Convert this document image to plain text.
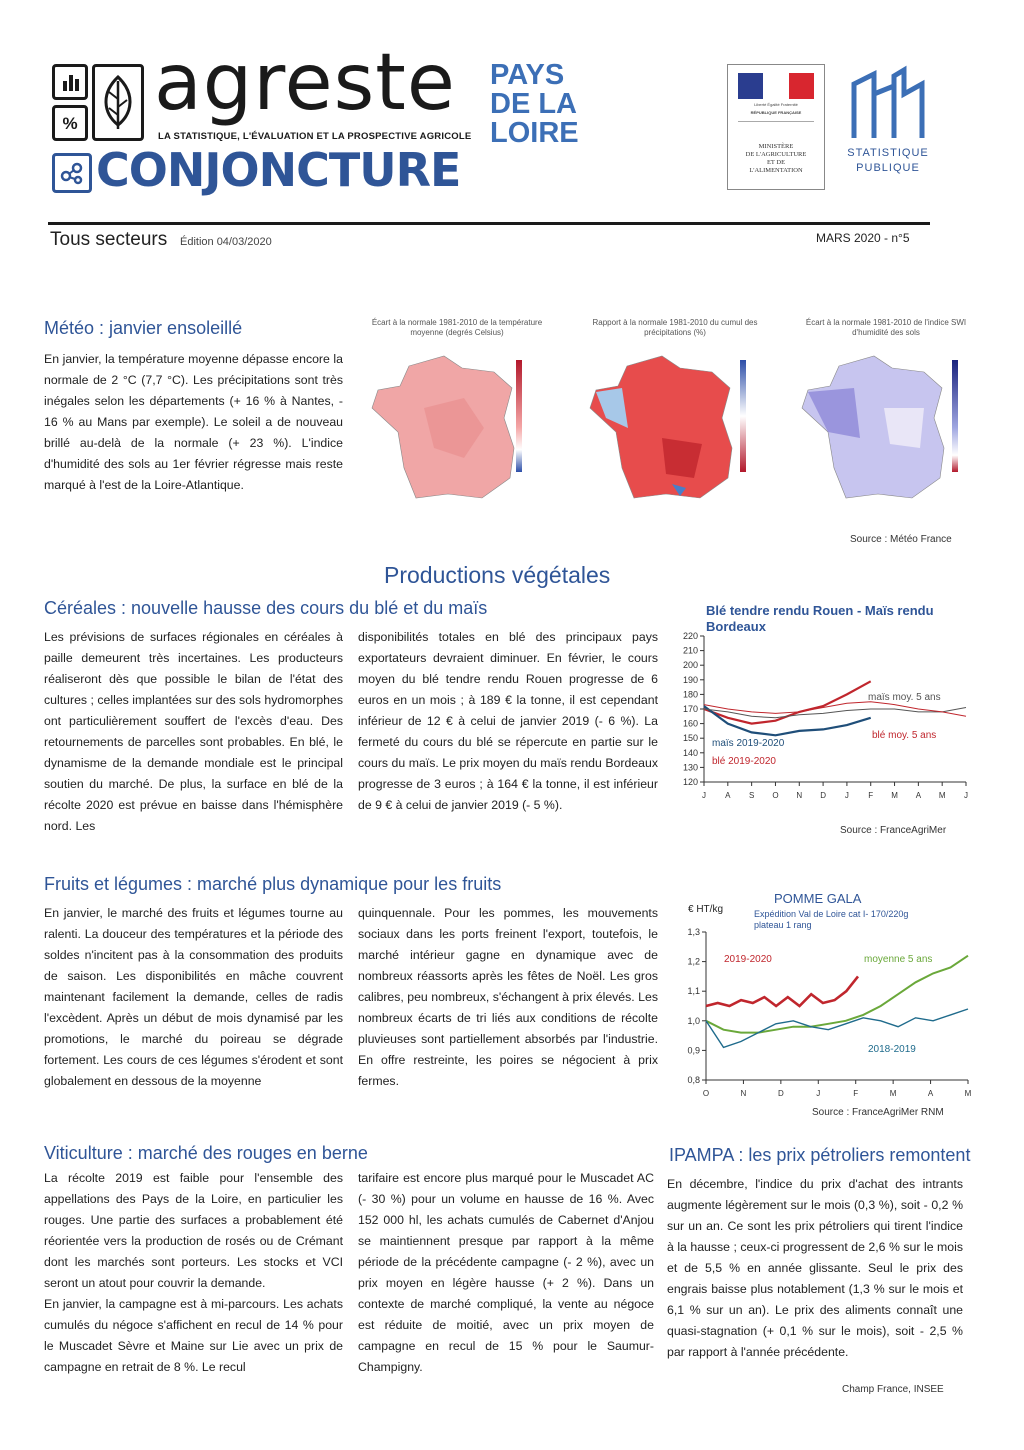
% agreste
LA STATISTIQUE, L'ÉVALUATION ET LA PROSPECTIVE AGRICOLE
PAYS
DE LA
LOIRE
CONJONCTURE
Liberté Égalité Fraternité
RÉPUBLIQUE FRANÇAISE
MINISTÈRE
DE L'AGRICULTURE
ET DE
L'ALIMENTATION
STATISTIQUE
PUBLIQUE
Tous secteurs Édition 04/03/2020	MARS 2020 - n°5
Météo : janvier ensoleillé
En janvier, la température moyenne dépasse encore la normale de 2 °C (7,7 °C). Les précipitations sont très inégales selon les départements (+ 16 % à Nantes, - 16 % au Mans par exemple). Le soleil a de nouveau brillé au-delà de la normale (+ 23 %). L'indice d'humidité des sols au 1er février régresse mais reste marqué à l'est de la Loire-Atlantique.
Écart à la normale 1981-2010 de la température moyenne (degrés Celsius)
Rapport à la normale 1981-2010 du cumul des précipitations (%)
Écart à la normale 1981-2010 de l'indice SWI d'humidité des sols
Source : Météo France
Productions végétales
Céréales : nouvelle hausse des cours du blé et du maïs
Les prévisions de surfaces régionales en céréales à paille demeurent très incertaines. Les producteurs réaliseront dès que possible le bilan de l'état des cultures ; celles implantées sur des sols hydromorphes ont particulièrement souffert de l'excès d'eau. Des retournements de parcelles sont probables. En blé, le dynamisme de la demande mondiale est le principal soutien du marché. De plus, la surface en blé de la récolte 2020 est prévue en baisse dans l'hémisphère nord. Les
disponibilités totales en blé des principaux pays exportateurs devraient diminuer. En février, le cours moyen du blé tendre rendu Rouen progresse de 6 euros en un mois ; à 189 € la tonne, il est cependant inférieur de 12 € à celui de janvier 2019 (- 6 %). La fermeté du cours du blé se répercute en partie sur le cours du maïs. Le prix moyen du maïs rendu Bordeaux progresse de 3 euros ; à 164 € la tonne, il est inférieur de 9 € à celui de janvier 2019 (- 5 %).
Blé tendre rendu Rouen - Maïs rendu Bordeaux
120
130
140
150
160
170
180
190
200
210
220
J A S O N D J F M A M J
blé 2019-2020
maïs 2019-2020
maïs moy. 5 ans
blé moy. 5 ans
Source : FranceAgriMer
Fruits et légumes : marché plus dynamique pour les fruits
En janvier, le marché des fruits et légumes tourne au ralenti. La douceur des températures et la période des soldes n'incitent pas à la consommation des produits de saison. Les disponibilités en mâche couvrent maintenant facilement la demande, celles de radis l'excèdent. Après un début de mois dynamisé par les promotions, le marché du poireau se dégrade fortement. Les cours de ces légumes s'érodent et sont globalement en dessous de la moyenne
quinquennale. Pour les pommes, les mouvements sociaux dans les ports freinent l'export, toutefois, le marché intérieur gagne en dynamique avec de nombreux réassorts après les fêtes de Noël. Les gros calibres, peu nombreux, s'échangent à prix élevés. Les nombreux écarts de tri liés aux conditions de récolte pluvieuses sont partiellement absorbés par l'industrie. En offre restreinte, les poires se négocient à prix fermes.
POMME GALA
Expédition Val de Loire cat I- 170/220g plateau 1 rang
€ HT/kg
0,8
0,9
1,0
1,1
1,2
1,3
O	N	D	J	F	M	A	M
2019-2020	moyenne 5 ans
2018-2019
Source : FranceAgriMer RNM
Viticulture : marché des rouges en berne
La récolte 2019 est faible pour l'ensemble des appellations des Pays de la Loire, en particulier les rouges. Une partie des surfaces a probablement été réorientée vers la production de rosés ou de Crémant dont les marchés sont porteurs. Les stocks et VCI seront un atout pour couvrir la demande.
En janvier, la campagne est à mi-parcours. Les achats cumulés du négoce s'affichent en recul de 14 % pour le Muscadet Sèvre et Maine sur Lie avec un prix de campagne en retrait de 8 %. Le recul
tarifaire est encore plus marqué pour le Muscadet AC (- 30 %) pour un volume en hausse de 16 %. Avec 152 000 hl, les achats cumulés de Cabernet d'Anjou se maintiennent presque par rapport à la même période de la précédente campagne (- 2 %), avec un prix moyen en légère hausse (+ 2 %). Dans un contexte de marché compliqué, la vente au négoce est réduite de moitié, avec un prix moyen de campagne en recul de 15 % pour le Saumur-Champigny.
IPAMPA : les prix pétroliers remontent
En décembre, l'indice du prix d'achat des intrants augmente légèrement sur le mois (0,3 %), soit - 0,2 % sur un an. Ce sont les prix pétroliers qui tirent l'indice à la hausse ; ceux-ci progressent de 2,6 % sur le mois et de 5,5 % en année glissante. Seul le prix des engrais baisse plus notablement (1,3 % sur le mois et 6,1 % sur un an). Le prix des aliments connaît une quasi-stagnation (+ 0,1 % sur le mois), soit - 2,5 % par rapport à l'année précédente.
Champ France, INSEE
